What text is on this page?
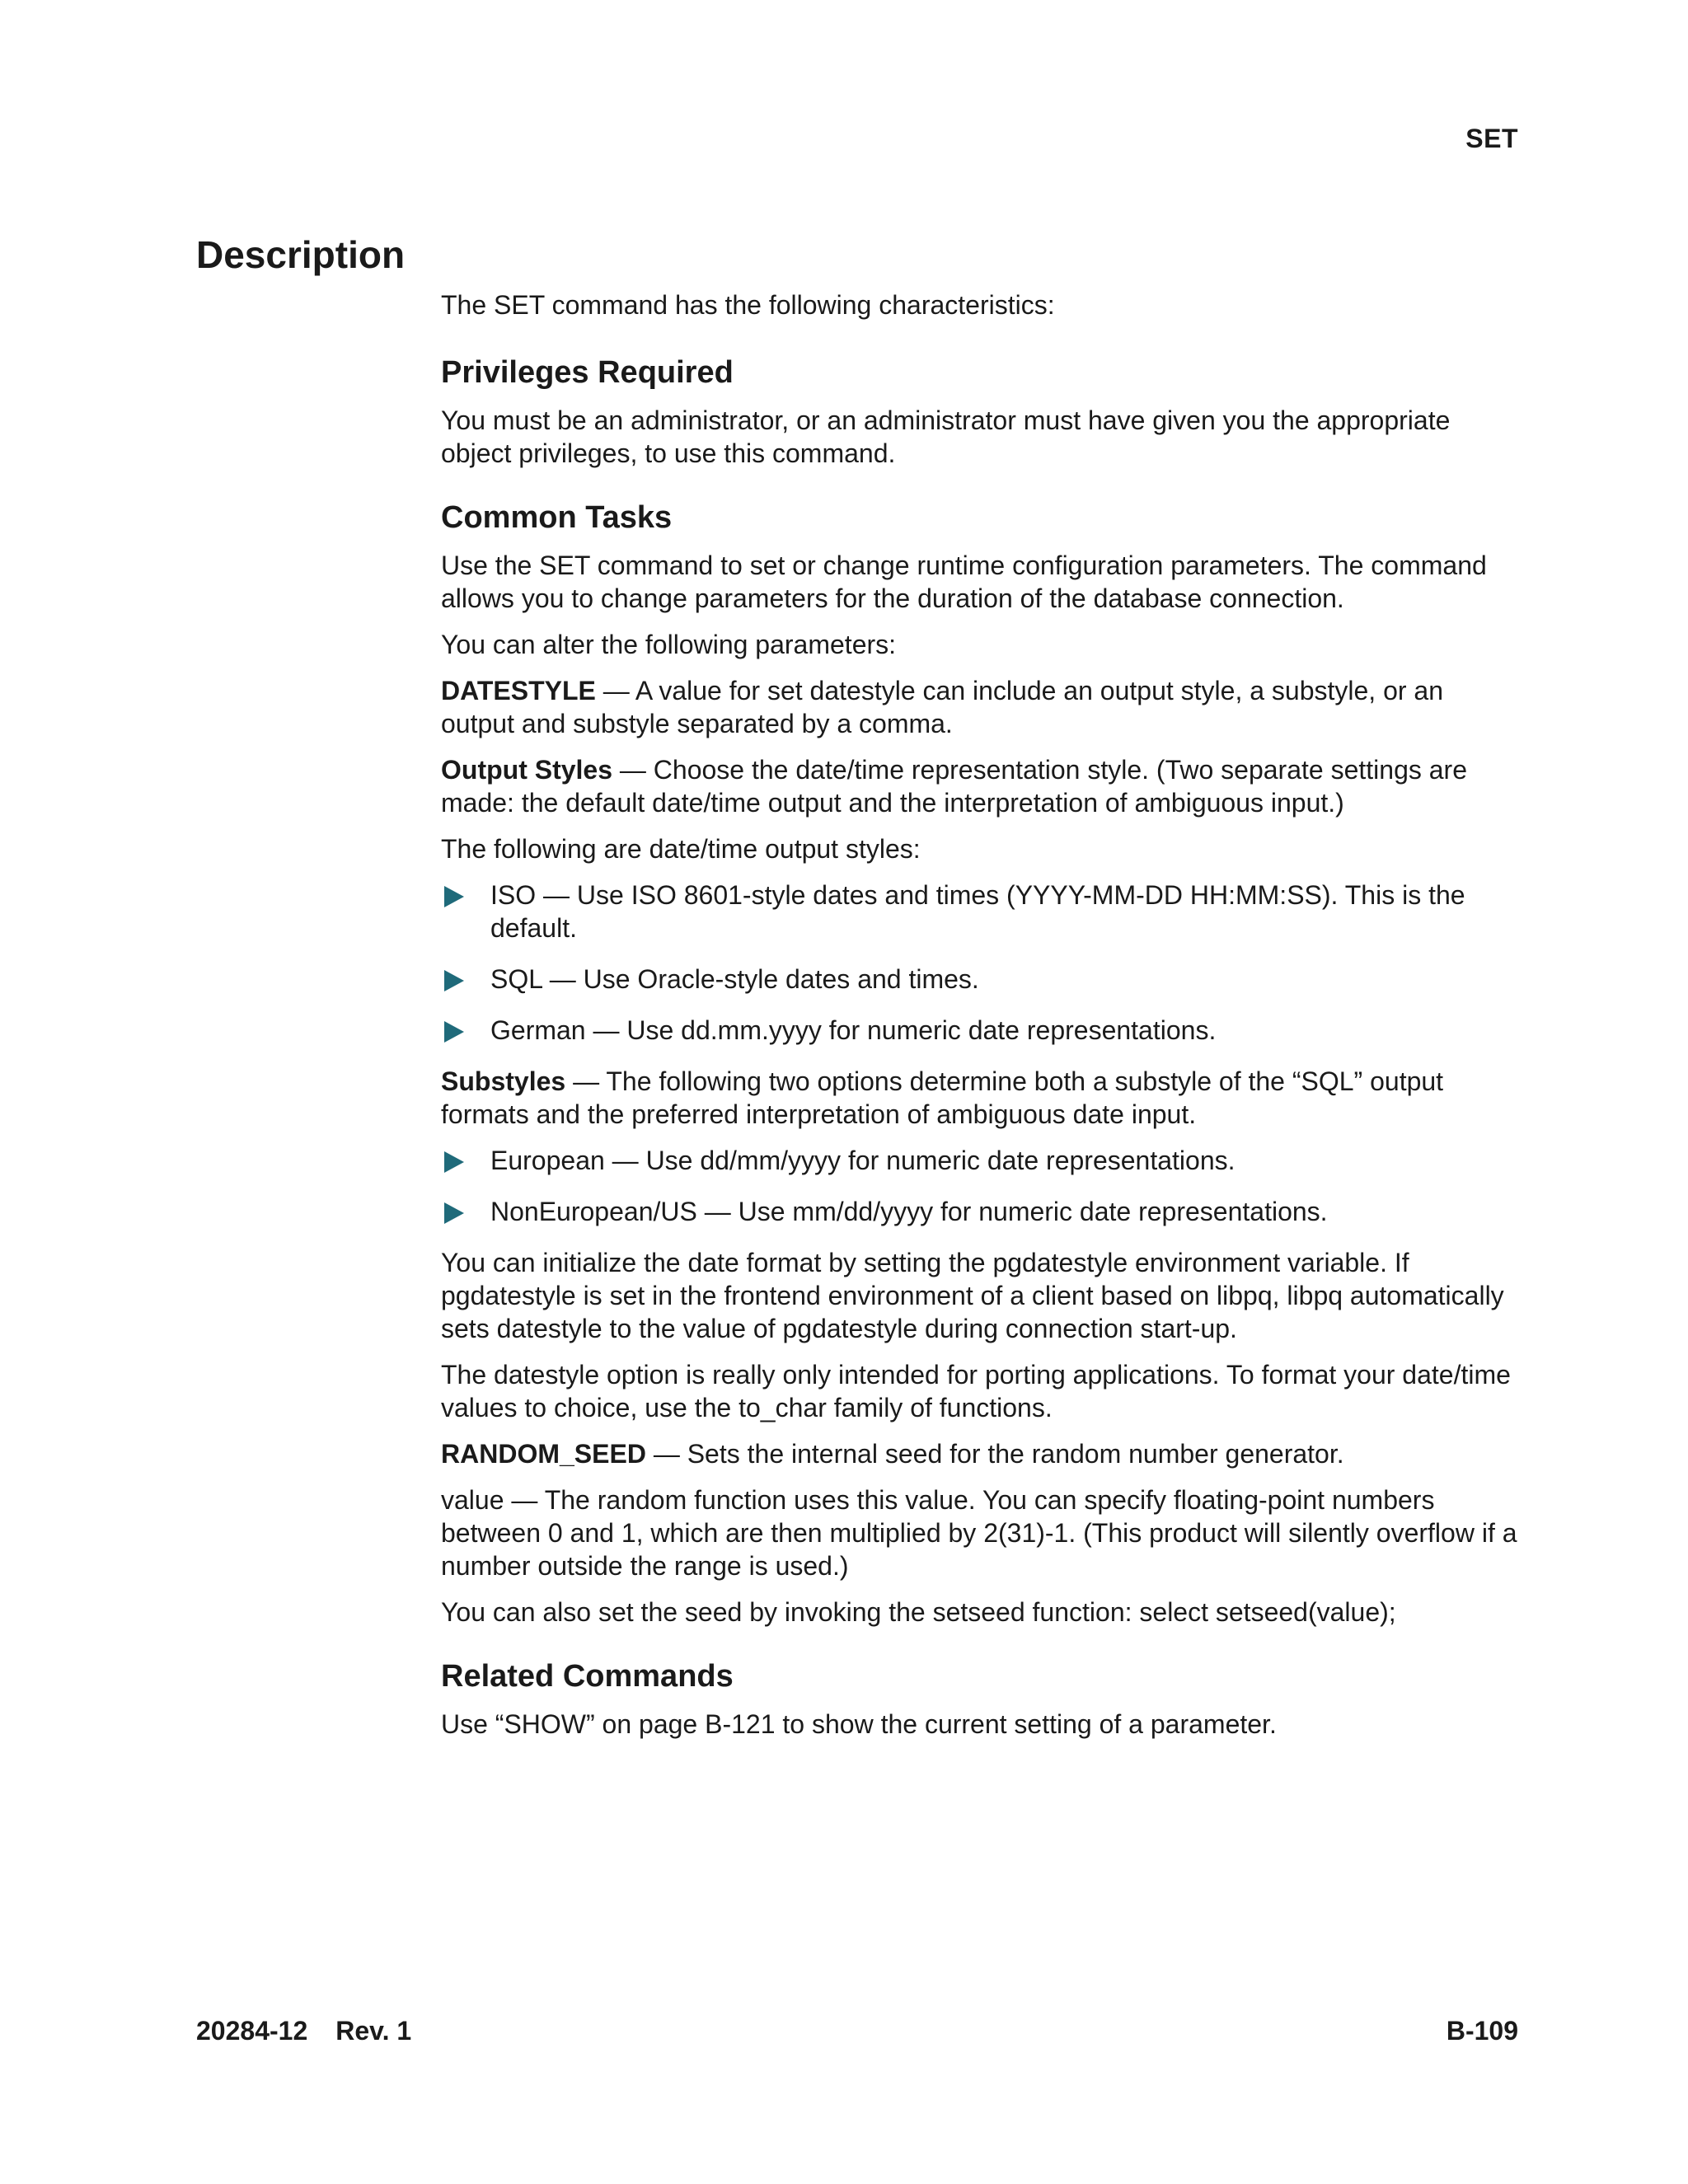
SET
Description

The SET command has the following characteristics:

Privileges Required

You must be an administrator, or an administrator must have given you the appropriate object privileges, to use this command.

Common Tasks

Use the SET command to set or change runtime configuration parameters. The command allows you to change parameters for the duration of the database connection.

You can alter the following parameters:

DATESTYLE — A value for set datestyle can include an output style, a substyle, or an output and substyle separated by a comma.

Output Styles — Choose the date/time representation style. (Two separate settings are made: the default date/time output and the interpretation of ambiguous input.)

The following are date/time output styles:

ISO — Use ISO 8601-style dates and times (YYYY-MM-DD HH:MM:SS). This is the default.
SQL — Use Oracle-style dates and times.
German — Use dd.mm.yyyy for numeric date representations.

Substyles — The following two options determine both a substyle of the “SQL” output formats and the preferred interpretation of ambiguous date input.

European — Use dd/mm/yyyy for numeric date representations.
NonEuropean/US — Use mm/dd/yyyy for numeric date representations.

You can initialize the date format by setting the pgdatestyle environment variable. If pgdatestyle is set in the frontend environment of a client based on libpq, libpq automatically sets datestyle to the value of pgdatestyle during connection start-up.

The datestyle option is really only intended for porting applications. To format your date/time values to choice, use the to_char family of functions.

RANDOM_SEED — Sets the internal seed for the random number generator.

value — The random function uses this value. You can specify floating-point numbers between 0 and 1, which are then multiplied by 2(31)-1. (This product will silently overflow if a number outside the range is used.)

You can also set the seed by invoking the setseed function: select setseed(value);

Related Commands

Use “SHOW” on page B-121 to show the current setting of a parameter.

20284-12 Rev. 1	B-109
